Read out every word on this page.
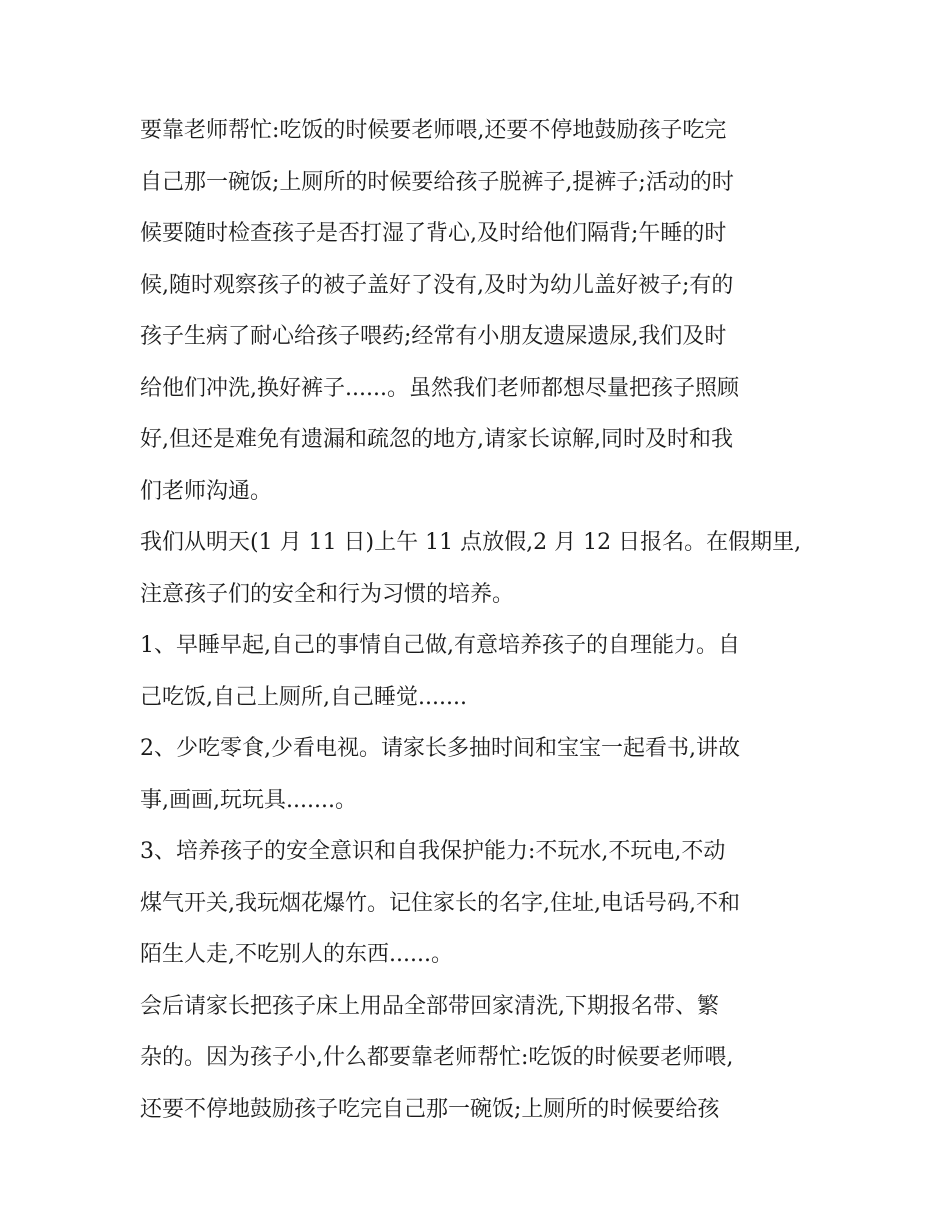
要靠老师帮忙:吃饭的时候要老师喂,还要不停地鼓励孩子吃完
自己那一碗饭;上厕所的时候要给孩子脱裤子,提裤子;活动的时
候要随时检查孩子是否打湿了背心,及时给他们隔背;午睡的时
候,随时观察孩子的被子盖好了没有,及时为幼儿盖好被子;有的
孩子生病了耐心给孩子喂药;经常有小朋友遗屎遗尿,我们及时
给他们冲洗,换好裤子......。虽然我们老师都想尽量把孩子照顾
好,但还是难免有遗漏和疏忽的地方,请家长谅解,同时及时和我
们老师沟通。
我们从明天(1 月 11 日)上午 11 点放假,2 月 12 日报名。在假期里,
注意孩子们的安全和行为习惯的培养。
1、早睡早起,自己的事情自己做,有意培养孩子的自理能力。自
己吃饭,自己上厕所,自己睡觉.......
2、少吃零食,少看电视。请家长多抽时间和宝宝一起看书,讲故
事,画画,玩玩具.......。
3、培养孩子的安全意识和自我保护能力:不玩水,不玩电,不动
煤气开关,我玩烟花爆竹。记住家长的名字,住址,电话号码,不和
陌生人走,不吃别人的东西......。
会后请家长把孩子床上用品全部带回家清洗,下期报名带、繁
杂的。因为孩子小,什么都要靠老师帮忙:吃饭的时候要老师喂,
还要不停地鼓励孩子吃完自己那一碗饭;上厕所的时候要给孩
